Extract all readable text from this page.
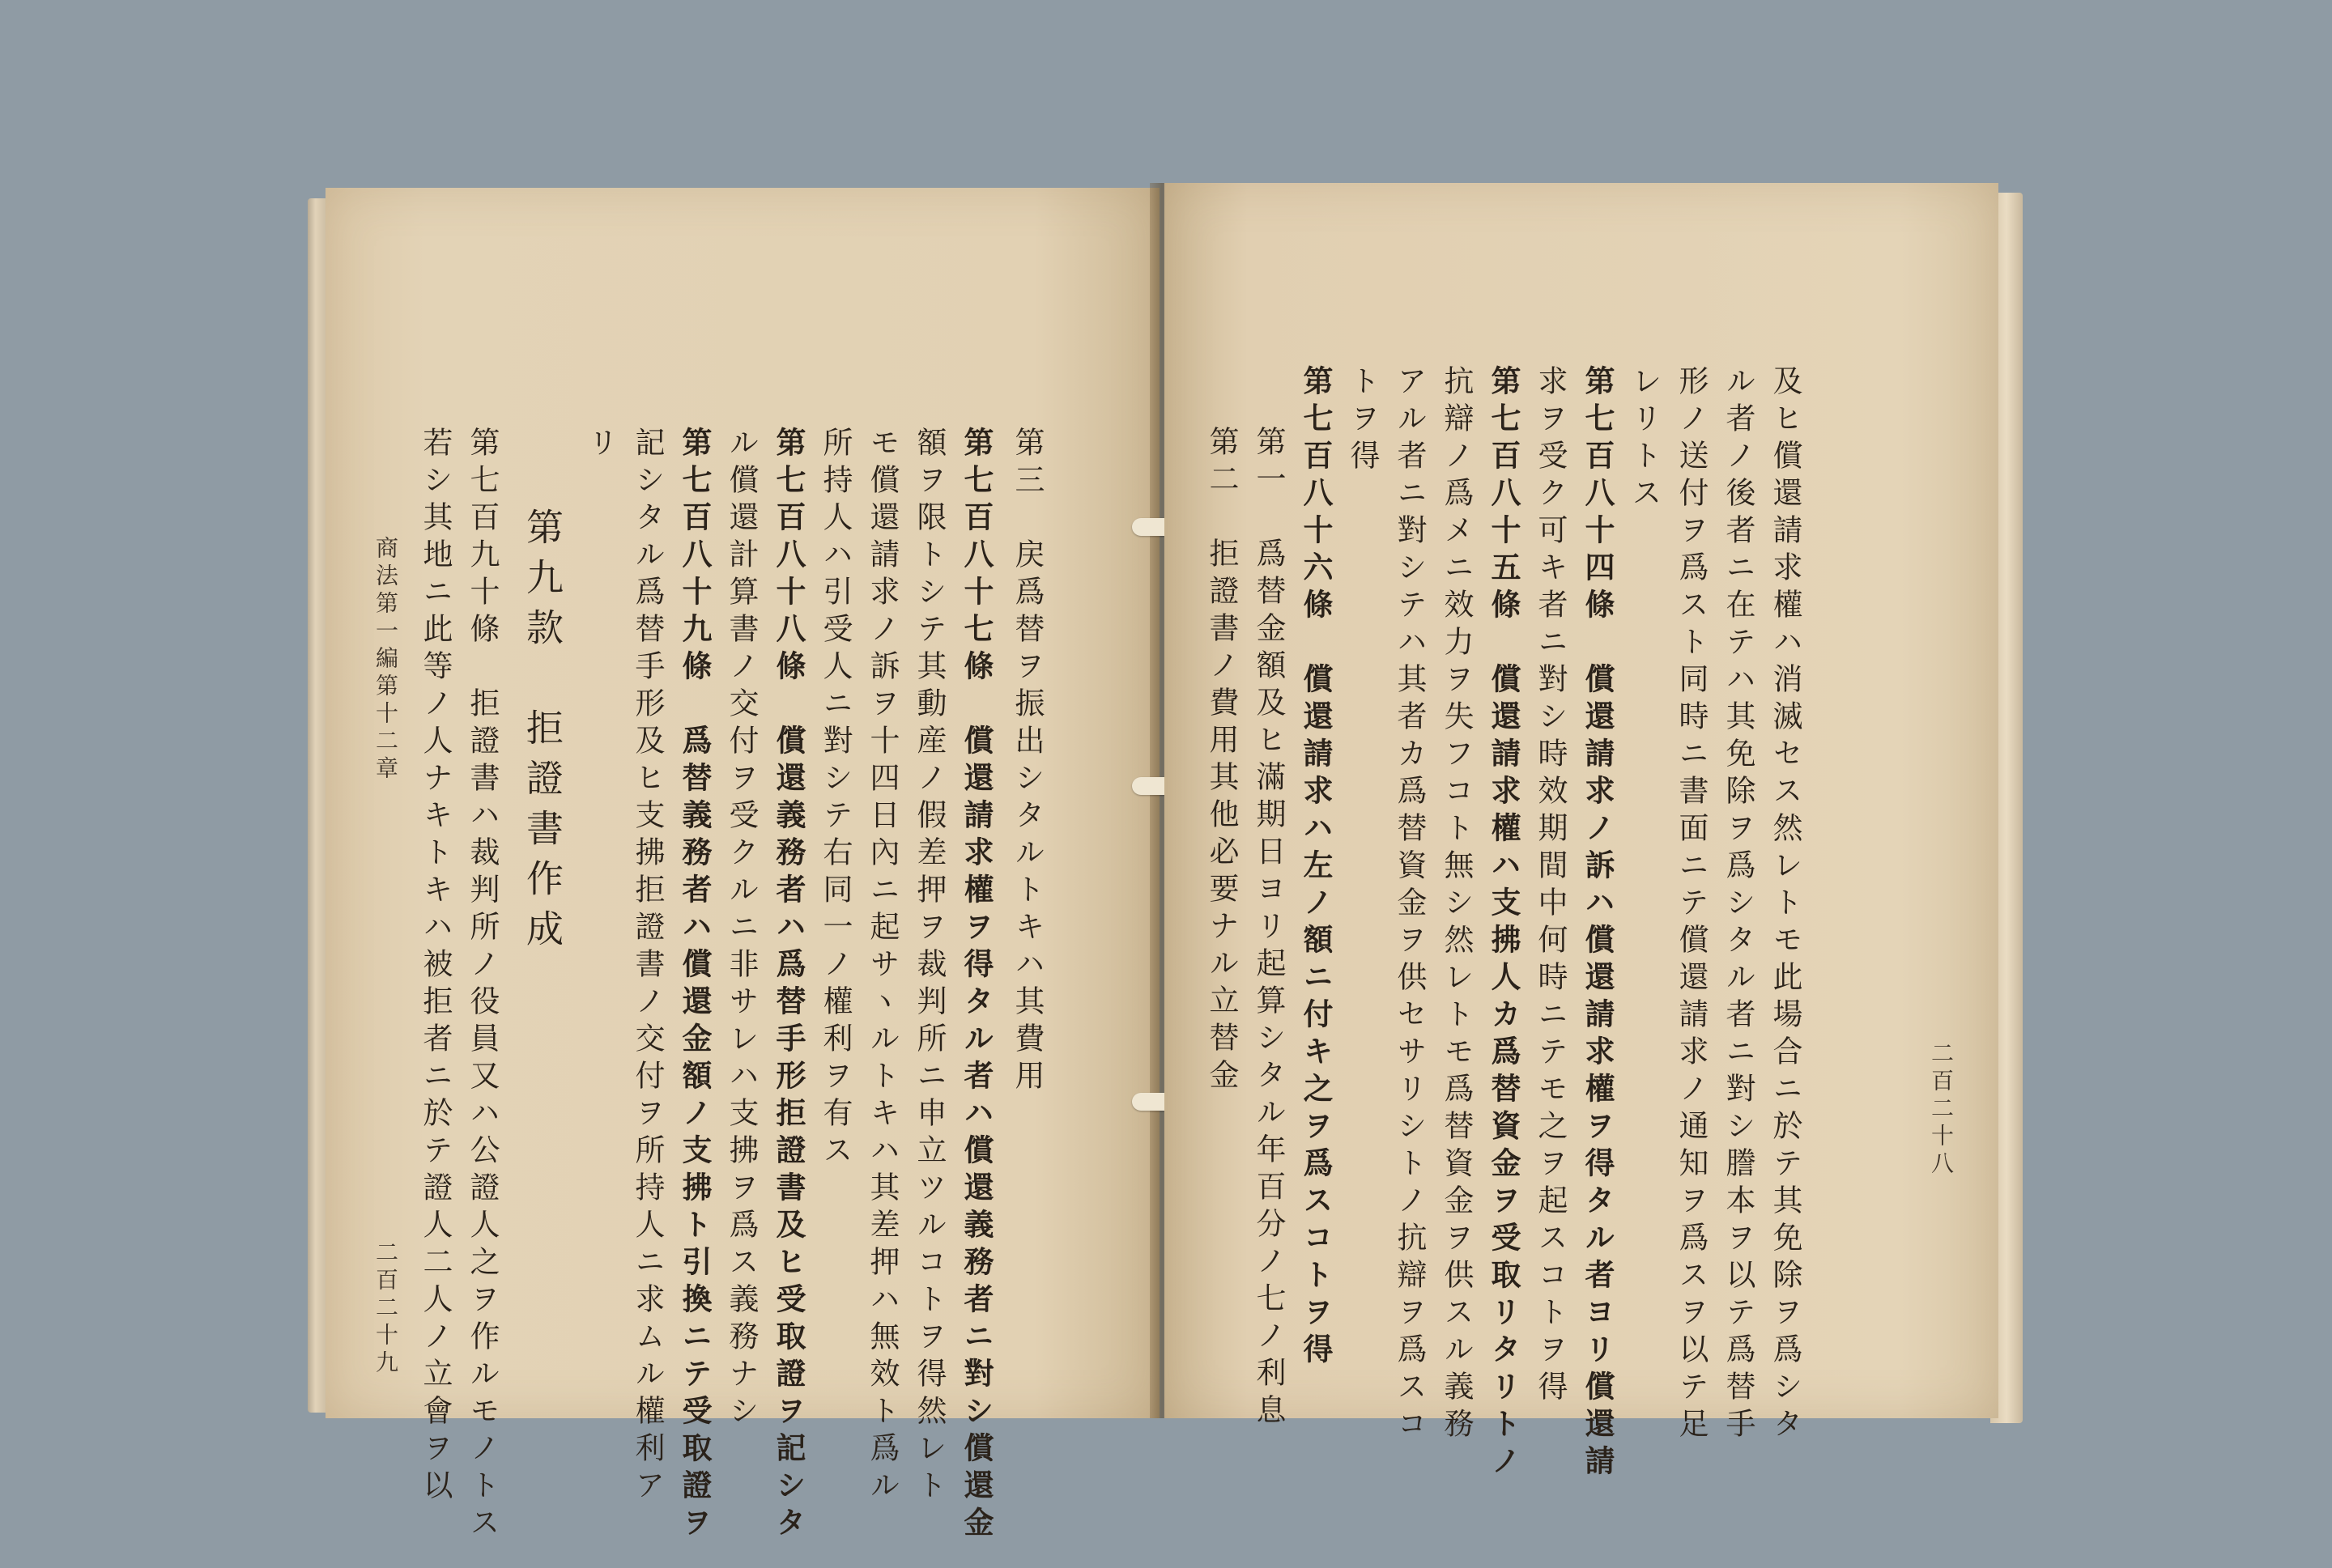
第三　戻爲替ヲ振出シタルトキハ其費用
第七百八十七條　償還請求權ヲ得タル者ハ償還義務者ニ對シ償還金
額ヲ限トシテ其動産ノ假差押ヲ裁判所ニ申立ツルコトヲ得然レト
モ償還請求ノ訴ヲ十四日內ニ起サヽルトキハ其差押ハ無效ト爲ル
所持人ハ引受人ニ對シテ右同一ノ權利ヲ有ス
第七百八十八條　償還義務者ハ爲替手形拒證書及ヒ受取證ヲ記シタ
ル償還計算書ノ交付ヲ受クルニ非サレハ支拂ヲ爲ス義務ナシ
第七百八十九條　爲替義務者ハ償還金額ノ支拂ト引換ニテ受取證ヲ
記シタル爲替手形及ヒ支拂拒證書ノ交付ヲ所持人ニ求ムル權利ア
リ
第九款　拒證書作成
第七百九十條　拒證書ハ裁判所ノ役員又ハ公證人之ヲ作ルモノトス
若シ其地ニ此等ノ人ナキトキハ被拒者ニ於テ證人二人ノ立會ヲ以
商法第一編第十二章
二百二十九
二百二十八
及ヒ償還請求權ハ消滅セス然レトモ此場合ニ於テ其免除ヲ爲シタ
ル者ノ後者ニ在テハ其免除ヲ爲シタル者ニ對シ謄本ヲ以テ爲替手
形ノ送付ヲ爲スト同時ニ書面ニテ償還請求ノ通知ヲ爲スヲ以テ足
レリトス
第七百八十四條　償還請求ノ訴ハ償還請求權ヲ得タル者ヨリ償還請
求ヲ受ク可キ者ニ對シ時效期間中何時ニテモ之ヲ起スコトヲ得
第七百八十五條　償還請求權ハ支拂人カ爲替資金ヲ受取リタリトノ
抗辯ノ爲メニ效力ヲ失フコト無シ然レトモ爲替資金ヲ供スル義務
アル者ニ對シテハ其者カ爲替資金ヲ供セサリシトノ抗辯ヲ爲スコ
トヲ得
第七百八十六條　償還請求ハ左ノ額ニ付キ之ヲ爲スコトヲ得
第一　爲替金額及ヒ滿期日ヨリ起算シタル年百分ノ七ノ利息
第二　拒證書ノ費用其他必要ナル立替金
